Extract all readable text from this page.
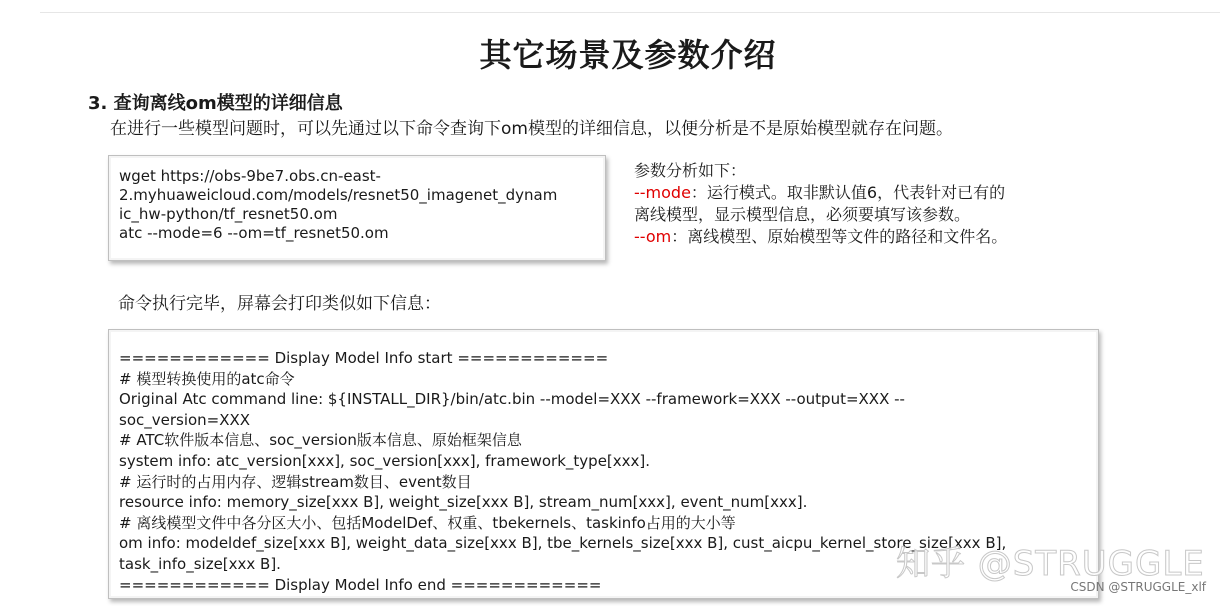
其它场景及参数介绍
3. 查询离线om模型的详细信息
在进行一些模型问题时，可以先通过以下命令查询下om模型的详细信息，以便分析是不是原始模型就存在问题。
wget https://obs-9be7.obs.cn-east-
2.myhuaweicloud.com/models/resnet50_imagenet_dynam
ic_hw-python/tf_resnet50.om
atc --mode=6 --om=tf_resnet50.om
参数分析如下：
--mode：运行模式。取非默认值6，代表针对已有的
离线模型，显示模型信息，必须要填写该参数。
--om：离线模型、原始模型等文件的路径和文件名。
命令执行完毕，屏幕会打印类似如下信息：
============ Display Model Info start ============
# 模型转换使用的atc命令
Original Atc command line: ${INSTALL_DIR}/bin/atc.bin --model=XXX --framework=XXX --output=XXX --
soc_version=XXX
# ATC软件版本信息、soc_version版本信息、原始框架信息
system info: atc_version[xxx], soc_version[xxx], framework_type[xxx].
# 运行时的占用内存、逻辑stream数目、event数目
resource info: memory_size[xxx B], weight_size[xxx B], stream_num[xxx], event_num[xxx].
# 离线模型文件中各分区大小、包括ModelDef、权重、tbekernels、taskinfo占用的大小等
om info: modeldef_size[xxx B], weight_data_size[xxx B], tbe_kernels_size[xxx B], cust_aicpu_kernel_store_size[xxx B],
task_info_size[xxx B].
============ Display Model Info end ============
知乎 @STRUGGLE
CSDN @STRUGGLE_xlf
